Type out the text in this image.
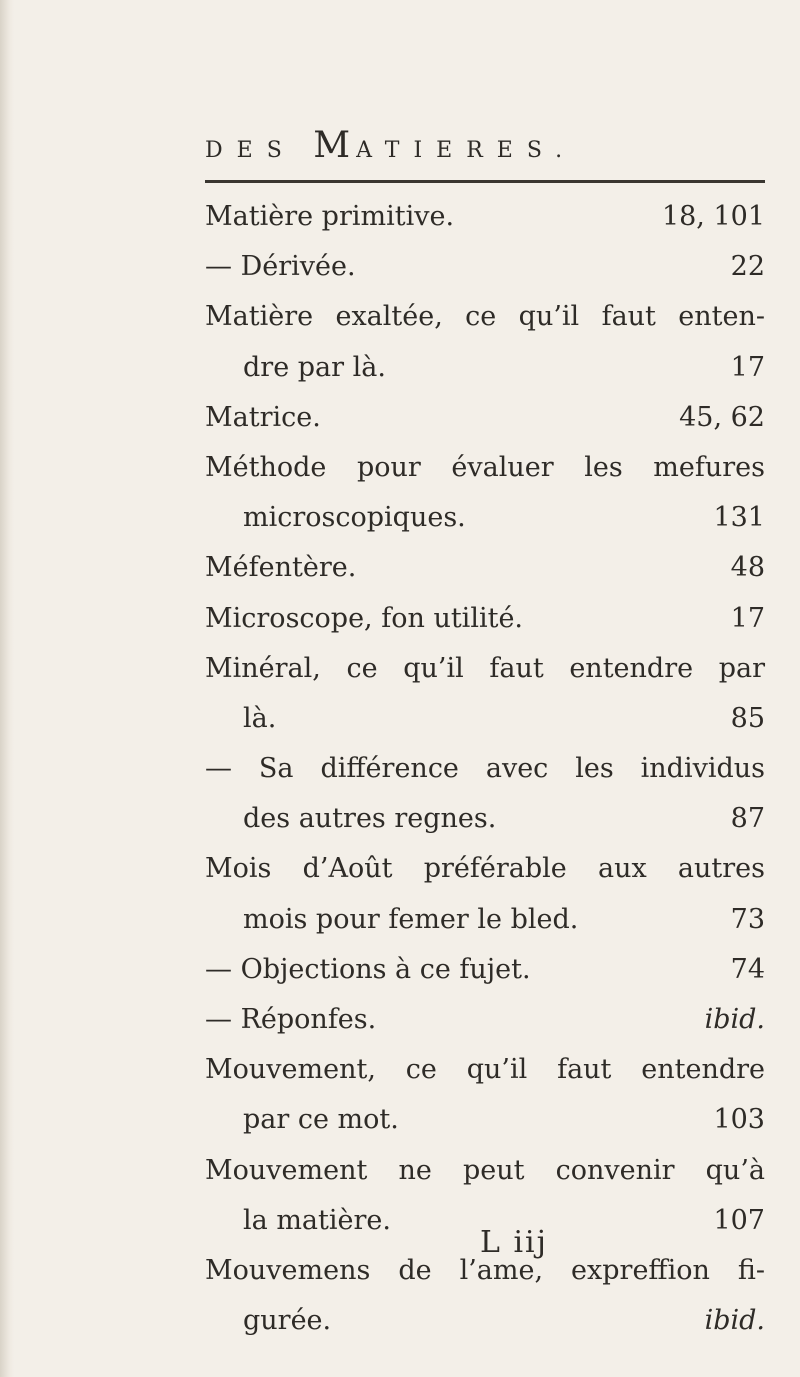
DES MATIERES.
Matière primitive.	18, 101
— Dérivée.	22
Matière exaltée, ce qu’il faut enten-
dre par là.	17
Matrice.	45, 62
Méthode pour évaluer les mefures
microscopiques.	131
Méfentère.	48
Microscope, fon utilité.	17
Minéral, ce qu’il faut entendre par
là.	85
— Sa différence avec les individus
des autres regnes.	87
Mois d’Août préférable aux autres
mois pour femer le bled.	73
— Objections à ce fujet.	74
— Réponfes.	ibid.
Mouvement, ce qu’il faut entendre
par ce mot.	103
Mouvement ne peut convenir qu’à
la matière.	107
Mouvemens de l’ame, expreffion fi-
gurée.	ibid.
L iij
